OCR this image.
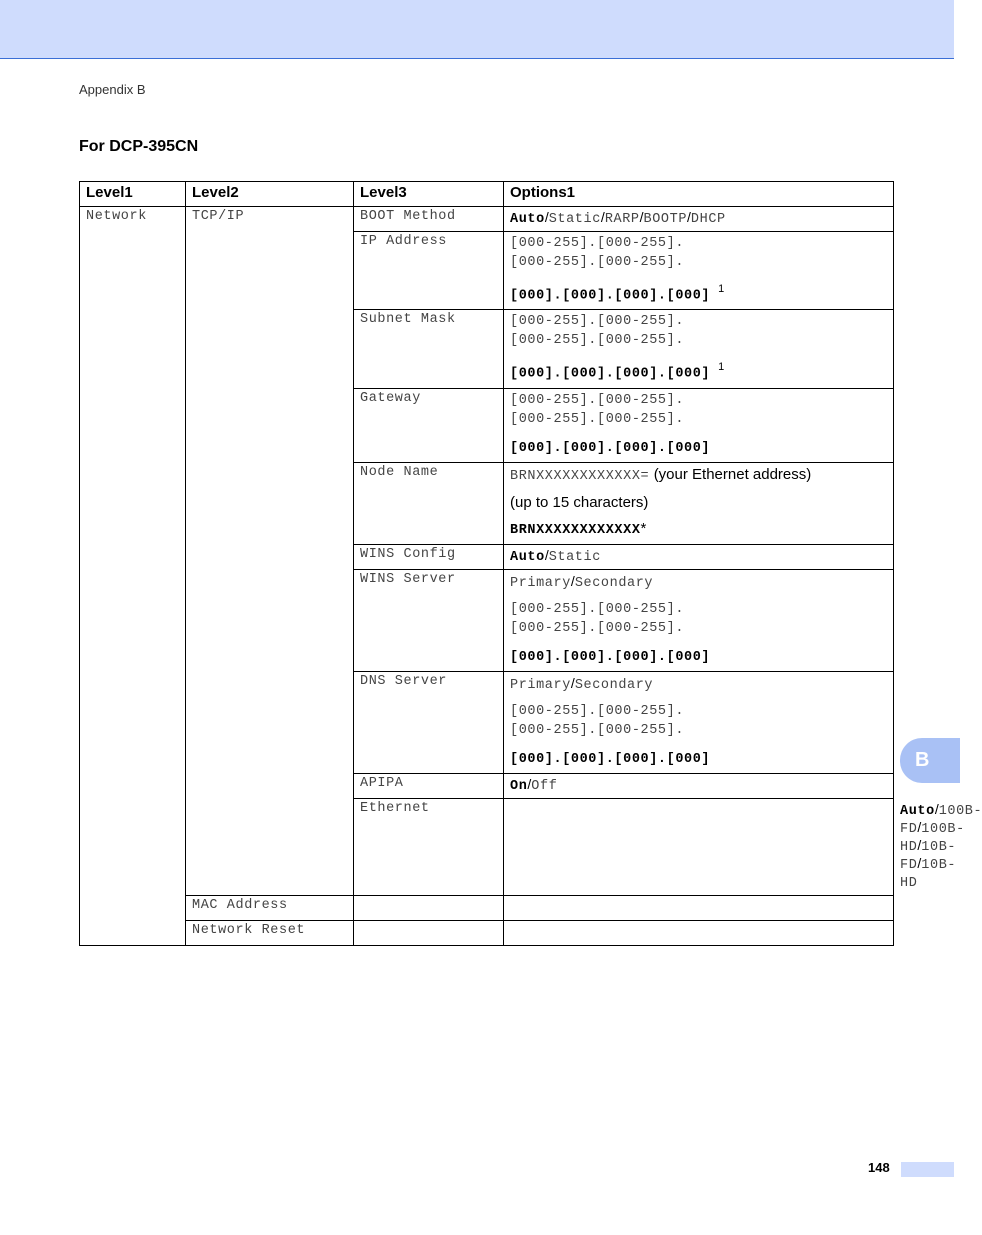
Appendix B
For DCP-395CN
Level1	Level2	Level3	Options1	
Network	TCP/IP	BOOT Method	Auto/Static/RARP/BOOTP/DHCP	
		IP Address	[000-255].[000-255].
[000-255].[000-255].
[000].[000].[000].[000] $^1$

		Subnet Mask	[000-255].[000-255].
[000-255].[000-255].
[000].[000].[000].[000] $^1$

		Gateway	[000-255].[000-255].
[000-255].[000-255].
[000].[000].[000].[000]	

		Node Name	BRNXXXXXXXXXXXX= (your Ethernet address)
(up to 15 characters)
BRNXXXXXXXXXXXX*	

		WINS Config	Auto/Static	
		WINS Server	Primary/Secondary
[000-255].[000-255].
[000-255].[000-255].
[000].[000].[000].[000]	

		DNS Server	Primary/Secondary
[000-255].[000-255].
[000-255].[000-255].
[000].[000].[000].[000]	

		APIPA	On/Off	
		Ethernet		Auto/100B-FD/100B-HD/10B-FD/10B-HD
	MAC Address			
	Network Reset			
B
148
